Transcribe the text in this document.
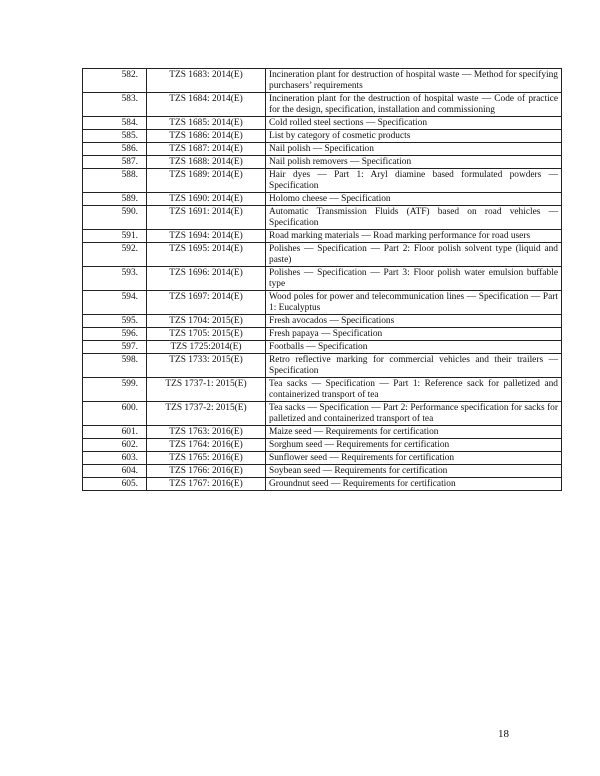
582.	TZS 1683: 2014(E)	Incineration plant for destruction of hospital waste — Method for specifying purchasers’ requirements
583.	TZS 1684: 2014(E)	Incineration plant for the destruction of hospital waste — Code of practice for the design, specification, installation and commissioning
584.	TZS 1685: 2014(E)	Cold rolled steel sections — Specification
585.	TZS 1686: 2014(E)	List by category of cosmetic products
586.	TZS 1687: 2014(E)	Nail polish — Specification
587.	TZS 1688: 2014(E)	Nail polish removers — Specification
588.	TZS 1689: 2014(E)	Hair dyes — Part 1: Aryl diamine based formulated powders — Specification
589.	TZS 1690: 2014(E)	Holomo cheese — Specification
590.	TZS 1691: 2014(E)	Automatic Transmission Fluids (ATF) based on road vehicles — Specification
591.	TZS 1694: 2014(E)	Road marking materials — Road marking performance for road users
592.	TZS 1695: 2014(E)	Polishes — Specification — Part 2: Floor polish solvent type (liquid and paste)
593.	TZS 1696: 2014(E)	Polishes — Specification — Part 3: Floor polish water emulsion buffable type
594.	TZS 1697: 2014(E)	Wood poles for power and telecommunication lines — Specification — Part 1: Eucalyptus
595.	TZS 1704: 2015(E)	Fresh avocados — Specifications
596.	TZS 1705: 2015(E)	Fresh papaya — Specification
597.	TZS 1725:2014(E)	Footballs — Specification
598.	TZS 1733: 2015(E)	Retro reflective marking for commercial vehicles and their trailers — Specification
599.	TZS 1737-1: 2015(E)	Tea sacks — Specification — Part 1: Reference sack for palletized and containerized transport of tea
600.	TZS 1737-2: 2015(E)	Tea sacks — Specification — Part 2: Performance specification for sacks for palletized and containerized transport of tea
601.	TZS 1763: 2016(E)	Maize seed — Requirements for certification
602.	TZS 1764: 2016(E)	Sorghum seed — Requirements for certification
603.	TZS 1765: 2016(E)	Sunflower seed — Requirements for certification
604.	TZS 1766: 2016(E)	Soybean seed — Requirements for certification
605.	TZS 1767: 2016(E)	Groundnut seed — Requirements for certification
18
